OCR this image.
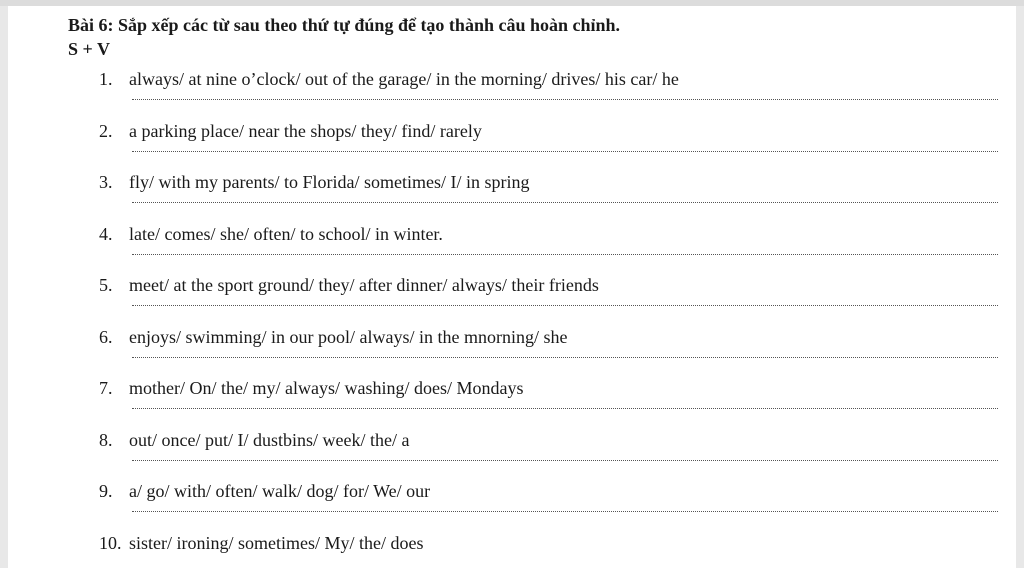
Bài 6: Sắp xếp các từ sau theo thứ tự đúng để tạo thành câu hoàn chỉnh.
S + V
1. always/ at nine o’clock/ out of the garage/ in the morning/ drives/ his car/ he
2. a parking place/ near the shops/ they/ find/ rarely
3. fly/ with my parents/ to Florida/ sometimes/ I/ in spring
4. late/ comes/ she/ often/ to school/ in winter.
5. meet/ at the sport ground/ they/ after dinner/ always/ their friends
6. enjoys/ swimming/ in our pool/ always/ in the mnorning/ she
7. mother/ On/ the/ my/ always/ washing/ does/ Mondays
8. out/ once/ put/ I/ dustbins/ week/ the/ a
9. a/ go/ with/ often/ walk/ dog/ for/ We/ our
10. sister/ ironing/ sometimes/ My/ the/ does
